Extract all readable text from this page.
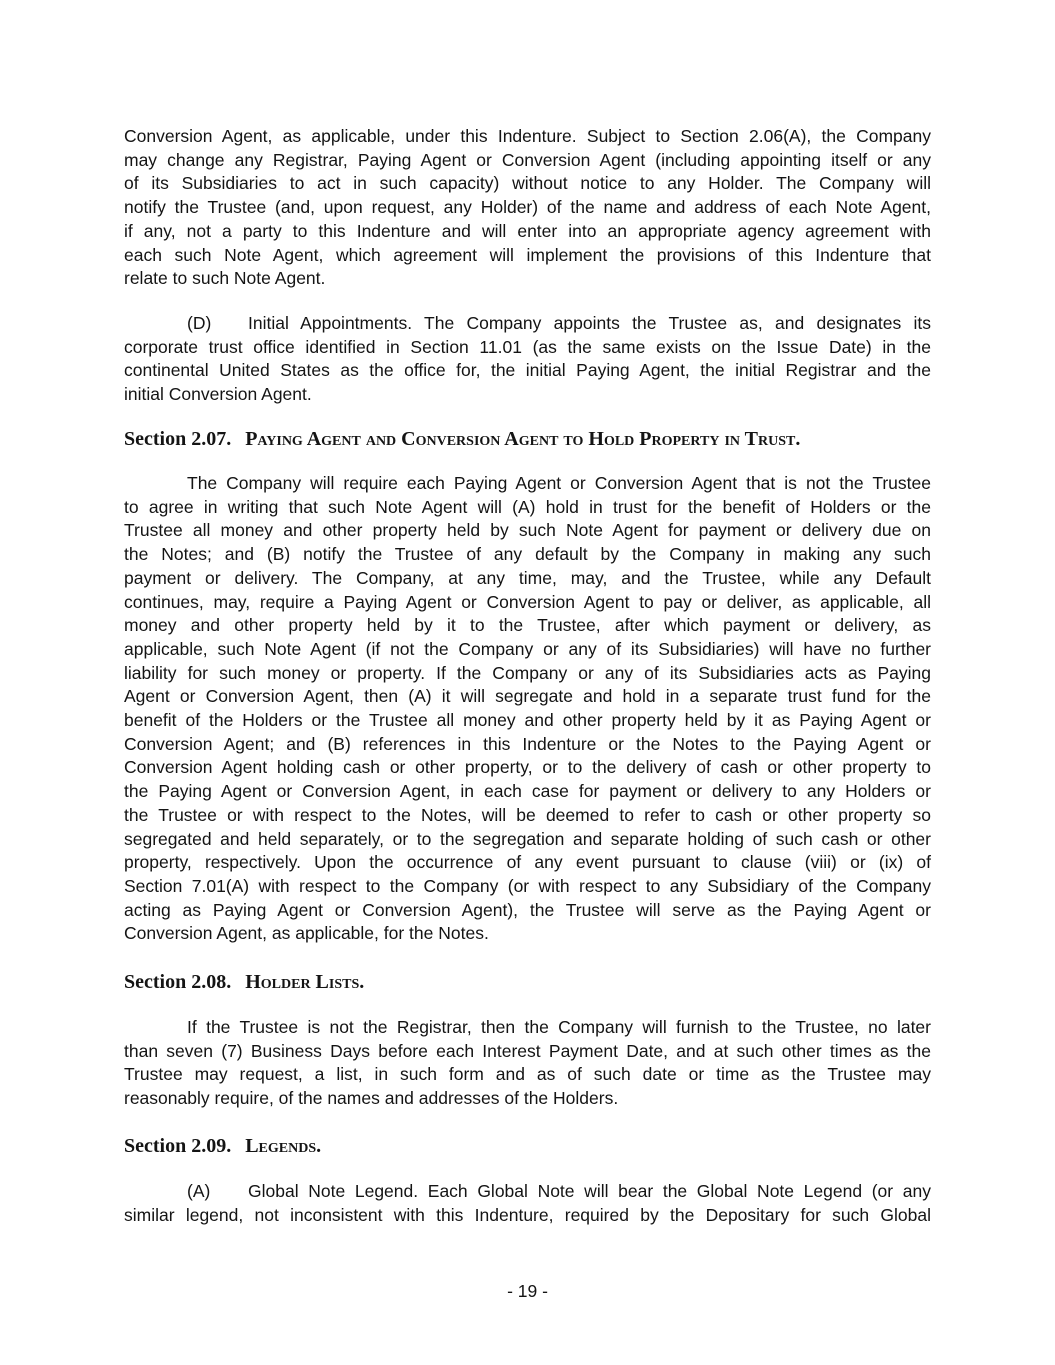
Conversion Agent, as applicable, under this Indenture. Subject to Section 2.06(A), the Company
may change any Registrar, Paying Agent or Conversion Agent (including appointing itself or any
of its Subsidiaries to act in such capacity) without notice to any Holder. The Company will
notify the Trustee (and, upon request, any Holder) of the name and address of each Note Agent,
if any, not a party to this Indenture and will enter into an appropriate agency agreement with
each such Note Agent, which agreement will implement the provisions of this Indenture that
relate to such Note Agent.
(D) Initial Appointments. The Company appoints the Trustee as, and designates its
corporate trust office identified in Section 11.01 (as the same exists on the Issue Date) in the
continental United States as the office for, the initial Paying Agent, the initial Registrar and the
initial Conversion Agent.
Section 2.07. Paying Agent and Conversion Agent to Hold Property in Trust.
The Company will require each Paying Agent or Conversion Agent that is not the Trustee
to agree in writing that such Note Agent will (A) hold in trust for the benefit of Holders or the
Trustee all money and other property held by such Note Agent for payment or delivery due on
the Notes; and (B) notify the Trustee of any default by the Company in making any such
payment or delivery. The Company, at any time, may, and the Trustee, while any Default
continues, may, require a Paying Agent or Conversion Agent to pay or deliver, as applicable, all
money and other property held by it to the Trustee, after which payment or delivery, as
applicable, such Note Agent (if not the Company or any of its Subsidiaries) will have no further
liability for such money or property. If the Company or any of its Subsidiaries acts as Paying
Agent or Conversion Agent, then (A) it will segregate and hold in a separate trust fund for the
benefit of the Holders or the Trustee all money and other property held by it as Paying Agent or
Conversion Agent; and (B) references in this Indenture or the Notes to the Paying Agent or
Conversion Agent holding cash or other property, or to the delivery of cash or other property to
the Paying Agent or Conversion Agent, in each case for payment or delivery to any Holders or
the Trustee or with respect to the Notes, will be deemed to refer to cash or other property so
segregated and held separately, or to the segregation and separate holding of such cash or other
property, respectively. Upon the occurrence of any event pursuant to clause (viii) or (ix) of
Section 7.01(A) with respect to the Company (or with respect to any Subsidiary of the Company
acting as Paying Agent or Conversion Agent), the Trustee will serve as the Paying Agent or
Conversion Agent, as applicable, for the Notes.
Section 2.08. Holder Lists.
If the Trustee is not the Registrar, then the Company will furnish to the Trustee, no later
than seven (7) Business Days before each Interest Payment Date, and at such other times as the
Trustee may request, a list, in such form and as of such date or time as the Trustee may
reasonably require, of the names and addresses of the Holders.
Section 2.09. Legends.
(A) Global Note Legend. Each Global Note will bear the Global Note Legend (or any
similar legend, not inconsistent with this Indenture, required by the Depositary for such Global
- 19 -
